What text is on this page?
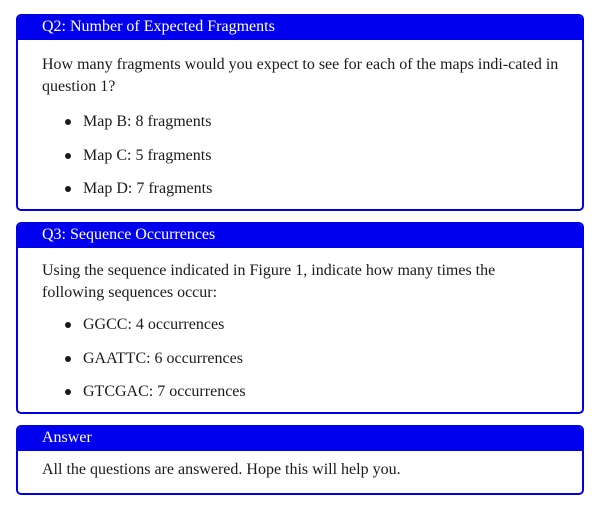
Q2: Number of Expected Fragments

How many fragments would you expect to see for each of the maps indi-cated in question 1?

Map B: 8 fragments
Map C: 5 fragments
Map D: 7 fragments
Q3: Sequence Occurrences

Using the sequence indicated in Figure 1, indicate how many times the following sequences occur:

GGCC: 4 occurrences
GAATTC: 6 occurrences
GTCGAC: 7 occurrences
Answer

All the questions are answered. Hope this will help you.
